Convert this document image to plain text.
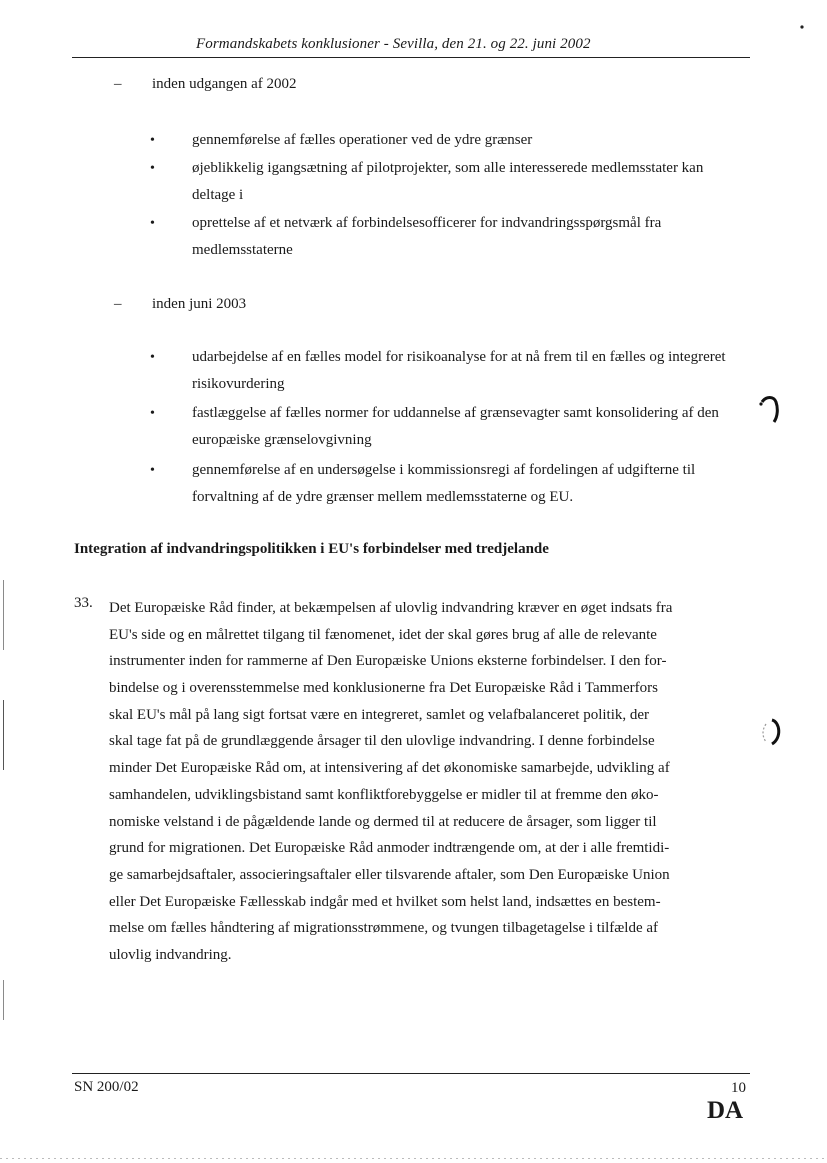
Formandskabets konklusioner - Sevilla, den 21. og 22. juni 2002
– inden udgangen af 2002
• gennemførelse af fælles operationer ved de ydre grænser
• øjeblikkelig igangsætning af pilotprojekter, som alle interesserede medlemsstater kan deltage i
• oprettelse af et netværk af forbindelsesofficerer for indvandringsspørgsmål fra medlemsstaterne
– inden juni 2003
• udarbejdelse af en fælles model for risikoanalyse for at nå frem til en fælles og integreret risikovurdering
• fastlæggelse af fælles normer for uddannelse af grænsevagter samt konsolidering af den europæiske grænselovgivning
• gennemførelse af en undersøgelse i kommissionsregi af fordelingen af udgifterne til forvaltning af de ydre grænser mellem medlemsstaterne og EU.
Integration af indvandringspolitikken i EU's forbindelser med tredjelande
33. Det Europæiske Råd finder, at bekæmpelsen af ulovlig indvandring kræver en øget indsats fra
EU's side og en målrettet tilgang til fænomenet, idet der skal gøres brug af alle de relevante
instrumenter inden for rammerne af Den Europæiske Unions eksterne forbindelser. I den for-
bindelse og i overensstemmelse med konklusionerne fra Det Europæiske Råd i Tammerfors
skal EU's mål på lang sigt fortsat være en integreret, samlet og velafbalanceret politik, der
skal tage fat på de grundlæggende årsager til den ulovlige indvandring. I denne forbindelse
minder Det Europæiske Råd om, at intensivering af det økonomiske samarbejde, udvikling af
samhandelen, udviklingsbistand samt konfliktforebyggelse er midler til at fremme den øko-
nomiske velstand i de pågældende lande og dermed til at reducere de årsager, som ligger til
grund for migrationen. Det Europæiske Råd anmoder indtrængende om, at der i alle fremtidi-
ge samarbejdsaftaler, associeringsaftaler eller tilsvarende aftaler, som Den Europæiske Union
eller Det Europæiske Fællesskab indgår med et hvilket som helst land, indsættes en bestem-
melse om fælles håndtering af migrationsstrømmene, og tvungen tilbagetagelse i tilfælde af
ulovlig indvandring.
SN 200/02	10
DA
